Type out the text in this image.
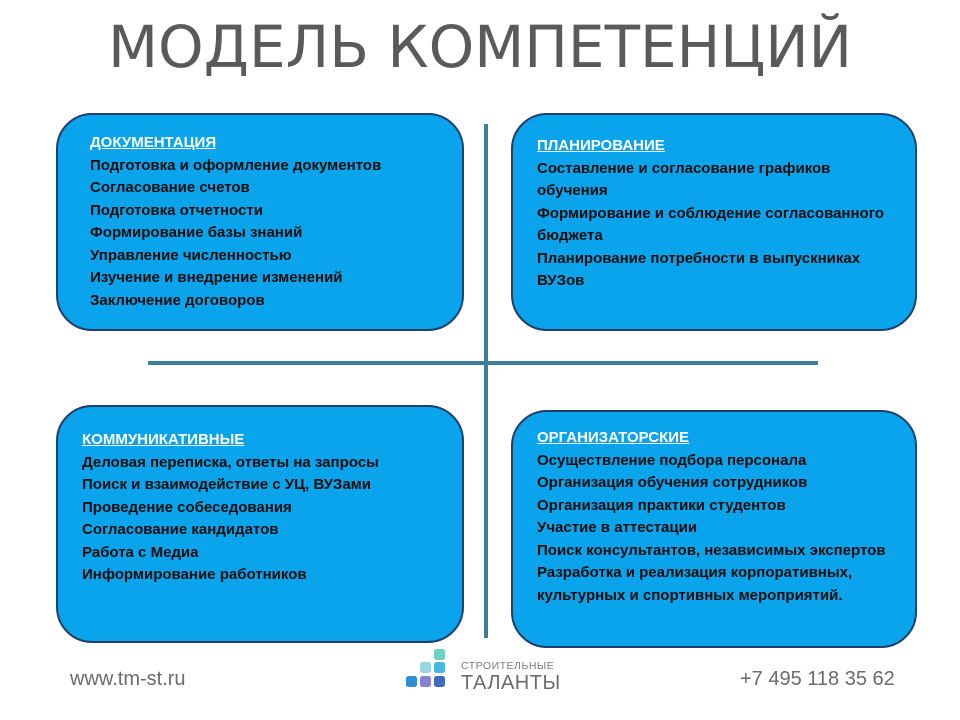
МОДЕЛЬ КОМПЕТЕНЦИЙ
ДОКУМЕНТАЦИЯ
Подготовка и оформление документов
Согласование счетов
Подготовка отчетности
Формирование базы знаний
Управление численностью
Изучение и внедрение изменений
Заключение договоров
ПЛАНИРОВАНИЕ
Составление и согласование графиков обучения
Формирование и соблюдение согласованного бюджета
Планирование потребности в выпускниках ВУЗов
КОММУНИКАТИВНЫЕ
Деловая переписка, ответы на запросы
Поиск и взаимодействие с УЦ, ВУЗами
Проведение собеседования
Согласование кандидатов
Работа с Медиа
Информирование работников
ОРГАНИЗАТОРСКИЕ
Осуществление подбора персонала
Организация обучения сотрудников
Организация практики студентов
Участие в аттестации
Поиск консультантов, независимых экспертов
Разработка и реализация корпоративных, культурных и спортивных мероприятий.
www.tm-st.ru
СТРОИТЕЛЬНЫЕ
ТАЛАНТЫ	+7 495 118 35 62
